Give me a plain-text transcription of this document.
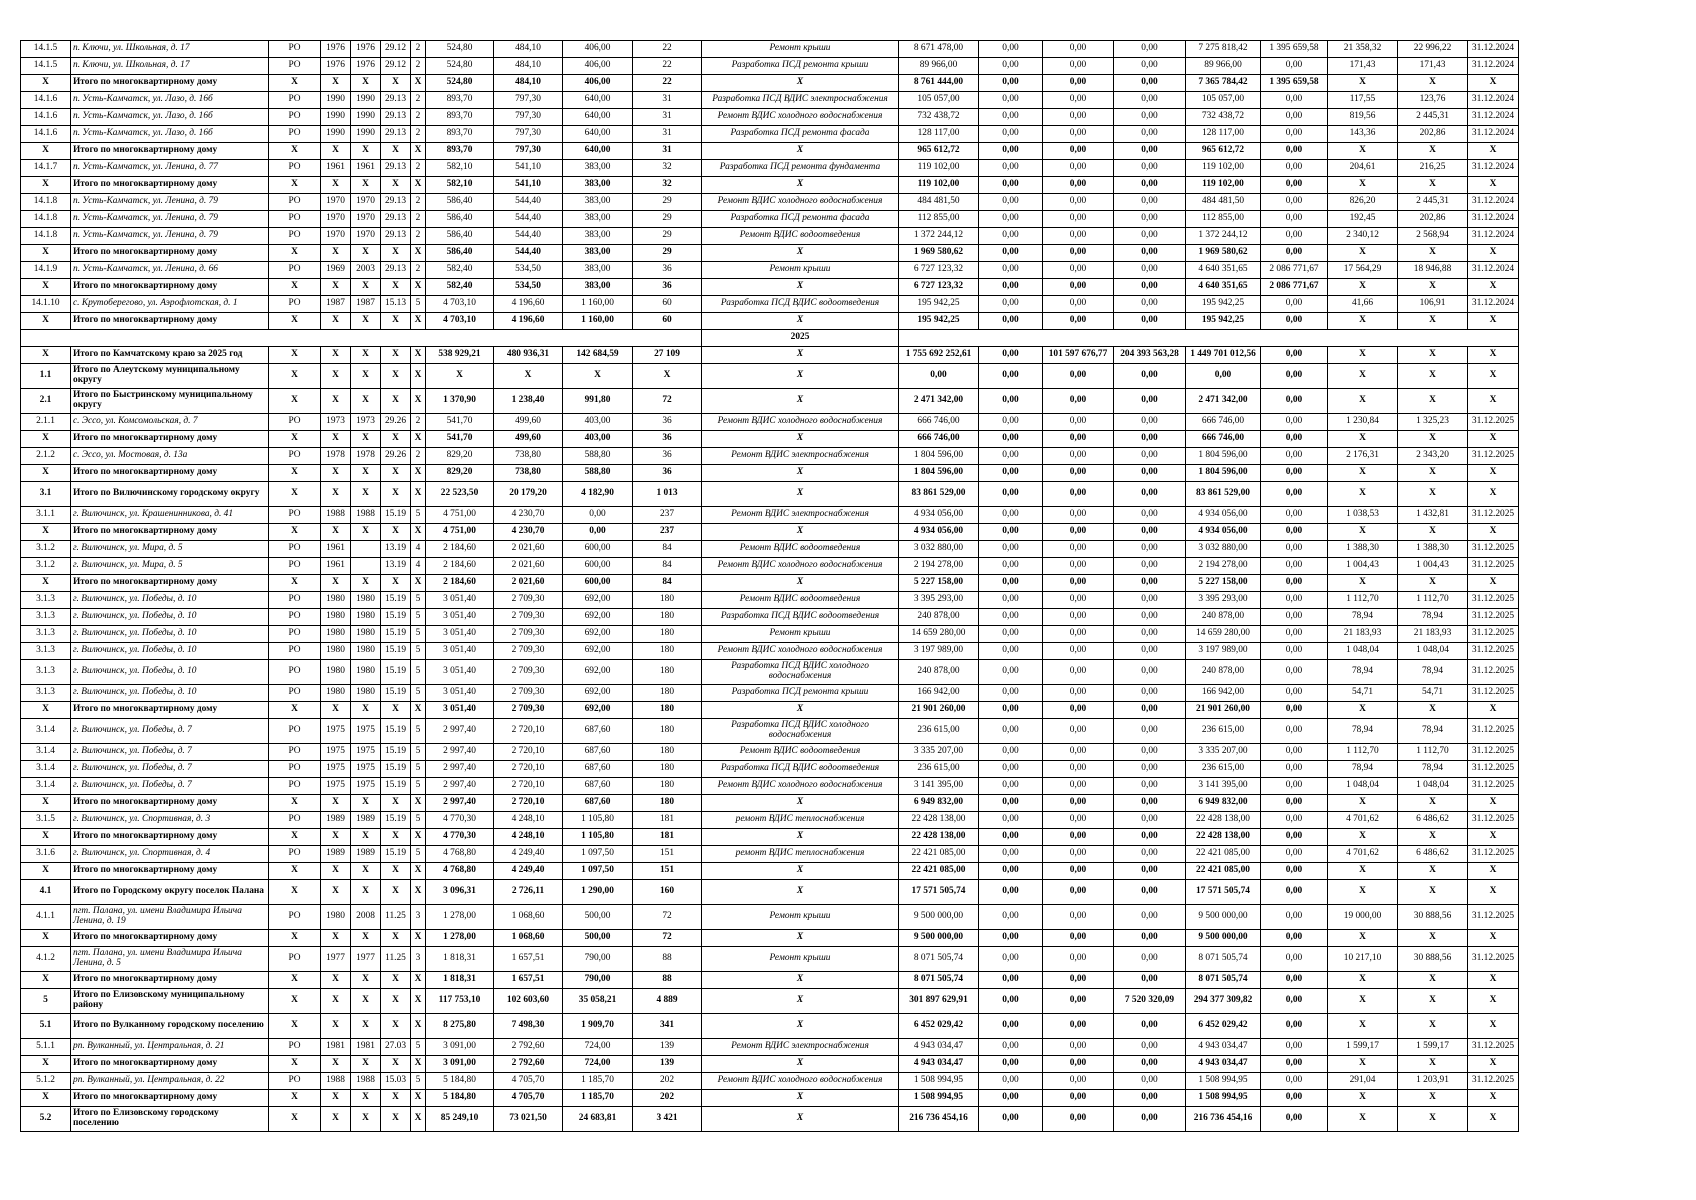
14.1.5	п. Ключи, ул. Школьная, д. 17	РО	1976	1976	29.12	2	524,80	484,10	406,00	22	Ремонт крыши	8 671 478,00	0,00	0,00	0,00	7 275 818,42	1 395 659,58	21 358,32	22 996,22	31.12.2024
14.1.5	п. Ключи, ул. Школьная, д. 17	РО	1976	1976	29.12	2	524,80	484,10	406,00	22	Разработка ПСД ремонта крыши	89 966,00	0,00	0,00	0,00	89 966,00	0,00	171,43	171,43	31.12.2024
Х	Итого по многоквартирному дому	Х	Х	Х	Х	Х	524,80	484,10	406,00	22	Х	8 761 444,00	0,00	0,00	0,00	7 365 784,42	1 395 659,58	Х	Х	Х
14.1.6	п. Усть-Камчатск, ул. Лазо, д. 16б	РО	1990	1990	29.13	2	893,70	797,30	640,00	31	Разработка ПСД ВДИС электроснабжения	105 057,00	0,00	0,00	0,00	105 057,00	0,00	117,55	123,76	31.12.2024
14.1.6	п. Усть-Камчатск, ул. Лазо, д. 16б	РО	1990	1990	29.13	2	893,70	797,30	640,00	31	Ремонт ВДИС холодного водоснабжения	732 438,72	0,00	0,00	0,00	732 438,72	0,00	819,56	2 445,31	31.12.2024
14.1.6	п. Усть-Камчатск, ул. Лазо, д. 16б	РО	1990	1990	29.13	2	893,70	797,30	640,00	31	Разработка ПСД ремонта фасада	128 117,00	0,00	0,00	0,00	128 117,00	0,00	143,36	202,86	31.12.2024
Х	Итого по многоквартирному дому	Х	Х	Х	Х	Х	893,70	797,30	640,00	31	Х	965 612,72	0,00	0,00	0,00	965 612,72	0,00	Х	Х	Х
14.1.7	п. Усть-Камчатск, ул. Ленина, д. 77	РО	1961	1961	29.13	2	582,10	541,10	383,00	32	Разработка ПСД ремонта фундамента	119 102,00	0,00	0,00	0,00	119 102,00	0,00	204,61	216,25	31.12.2024
Х	Итого по многоквартирному дому	Х	Х	Х	Х	Х	582,10	541,10	383,00	32	Х	119 102,00	0,00	0,00	0,00	119 102,00	0,00	Х	Х	Х
14.1.8	п. Усть-Камчатск, ул. Ленина, д. 79	РО	1970	1970	29.13	2	586,40	544,40	383,00	29	Ремонт ВДИС холодного водоснабжения	484 481,50	0,00	0,00	0,00	484 481,50	0,00	826,20	2 445,31	31.12.2024
14.1.8	п. Усть-Камчатск, ул. Ленина, д. 79	РО	1970	1970	29.13	2	586,40	544,40	383,00	29	Разработка ПСД ремонта фасада	112 855,00	0,00	0,00	0,00	112 855,00	0,00	192,45	202,86	31.12.2024
14.1.8	п. Усть-Камчатск, ул. Ленина, д. 79	РО	1970	1970	29.13	2	586,40	544,40	383,00	29	Ремонт ВДИС водоотведения	1 372 244,12	0,00	0,00	0,00	1 372 244,12	0,00	2 340,12	2 568,94	31.12.2024
Х	Итого по многоквартирному дому	Х	Х	Х	Х	Х	586,40	544,40	383,00	29	Х	1 969 580,62	0,00	0,00	0,00	1 969 580,62	0,00	Х	Х	Х
14.1.9	п. Усть-Камчатск, ул. Ленина, д. 66	РО	1969	2003	29.13	2	582,40	534,50	383,00	36	Ремонт крыши	6 727 123,32	0,00	0,00	0,00	4 640 351,65	2 086 771,67	17 564,29	18 946,88	31.12.2024
Х	Итого по многоквартирному дому	Х	Х	Х	Х	Х	582,40	534,50	383,00	36	Х	6 727 123,32	0,00	0,00	0,00	4 640 351,65	2 086 771,67	Х	Х	Х
14.1.10	с. Крутоберегово, ул. Аэрофлотская, д. 1	РО	1987	1987	15.13	5	4 703,10	4 196,60	1 160,00	60	Разработка ПСД ВДИС водоотведения	195 942,25	0,00	0,00	0,00	195 942,25	0,00	41,66	106,91	31.12.2024
Х	Итого по многоквартирному дому	Х	Х	Х	Х	Х	4 703,10	4 196,60	1 160,00	60	Х	195 942,25	0,00	0,00	0,00	195 942,25	0,00	Х	Х	Х
											2025									
Х	Итого по Камчатскому краю за 2025 год	Х	Х	Х	Х	Х	538 929,21	480 936,31	142 684,59	27 109	Х	1 755 692 252,61	0,00	101 597 676,77	204 393 563,28	1 449 701 012,56	0,00	Х	Х	Х
1.1	Итого по Алеутскому муниципальному округу	Х	Х	Х	Х	Х	Х	Х	Х	Х	Х	0,00	0,00	0,00	0,00	0,00	0,00	Х	Х	Х
2.1	Итого по Быстринскому муниципальному округу	Х	Х	Х	Х	Х	1 370,90	1 238,40	991,80	72	Х	2 471 342,00	0,00	0,00	0,00	2 471 342,00	0,00	Х	Х	Х
2.1.1	с. Эссо, ул. Комсомольская, д. 7	РО	1973	1973	29.26	2	541,70	499,60	403,00	36	Ремонт ВДИС холодного водоснабжения	666 746,00	0,00	0,00	0,00	666 746,00	0,00	1 230,84	1 325,23	31.12.2025
Х	Итого по многоквартирному дому	Х	Х	Х	Х	Х	541,70	499,60	403,00	36	Х	666 746,00	0,00	0,00	0,00	666 746,00	0,00	Х	Х	Х
2.1.2	с. Эссо, ул. Мостовая, д. 13а	РО	1978	1978	29.26	2	829,20	738,80	588,80	36	Ремонт ВДИС электроснабжения	1 804 596,00	0,00	0,00	0,00	1 804 596,00	0,00	2 176,31	2 343,20	31.12.2025
Х	Итого по многоквартирному дому	Х	Х	Х	Х	Х	829,20	738,80	588,80	36	Х	1 804 596,00	0,00	0,00	0,00	1 804 596,00	0,00	Х	Х	Х
3.1	Итого по Вилючинскому городскому округу	Х	Х	Х	Х	Х	22 523,50	20 179,20	4 182,90	1 013	Х	83 861 529,00	0,00	0,00	0,00	83 861 529,00	0,00	Х	Х	Х
3.1.1	г. Вилючинск, ул. Крашенинникова, д. 41	РО	1988	1988	15.19	5	4 751,00	4 230,70	0,00	237	Ремонт ВДИС электроснабжения	4 934 056,00	0,00	0,00	0,00	4 934 056,00	0,00	1 038,53	1 432,81	31.12.2025
Х	Итого по многоквартирному дому	Х	Х	Х	Х	Х	4 751,00	4 230,70	0,00	237	Х	4 934 056,00	0,00	0,00	0,00	4 934 056,00	0,00	Х	Х	Х
3.1.2	г. Вилючинск, ул. Мира, д. 5	РО	1961		13.19	4	2 184,60	2 021,60	600,00	84	Ремонт ВДИС водоотведения	3 032 880,00	0,00	0,00	0,00	3 032 880,00	0,00	1 388,30	1 388,30	31.12.2025
3.1.2	г. Вилючинск, ул. Мира, д. 5	РО	1961		13.19	4	2 184,60	2 021,60	600,00	84	Ремонт ВДИС холодного водоснабжения	2 194 278,00	0,00	0,00	0,00	2 194 278,00	0,00	1 004,43	1 004,43	31.12.2025
Х	Итого по многоквартирному дому	Х	Х	Х	Х	Х	2 184,60	2 021,60	600,00	84	Х	5 227 158,00	0,00	0,00	0,00	5 227 158,00	0,00	Х	Х	Х
3.1.3	г. Вилючинск, ул. Победы, д. 10	РО	1980	1980	15.19	5	3 051,40	2 709,30	692,00	180	Ремонт ВДИС водоотведения	3 395 293,00	0,00	0,00	0,00	3 395 293,00	0,00	1 112,70	1 112,70	31.12.2025
3.1.3	г. Вилючинск, ул. Победы, д. 10	РО	1980	1980	15.19	5	3 051,40	2 709,30	692,00	180	Разработка ПСД ВДИС водоотведения	240 878,00	0,00	0,00	0,00	240 878,00	0,00	78,94	78,94	31.12.2025
3.1.3	г. Вилючинск, ул. Победы, д. 10	РО	1980	1980	15.19	5	3 051,40	2 709,30	692,00	180	Ремонт крыши	14 659 280,00	0,00	0,00	0,00	14 659 280,00	0,00	21 183,93	21 183,93	31.12.2025
3.1.3	г. Вилючинск, ул. Победы, д. 10	РО	1980	1980	15.19	5	3 051,40	2 709,30	692,00	180	Ремонт ВДИС холодного водоснабжения	3 197 989,00	0,00	0,00	0,00	3 197 989,00	0,00	1 048,04	1 048,04	31.12.2025
3.1.3	г. Вилючинск, ул. Победы, д. 10	РО	1980	1980	15.19	5	3 051,40	2 709,30	692,00	180	Разработка ПСД ВДИС холодного водоснабжения	240 878,00	0,00	0,00	0,00	240 878,00	0,00	78,94	78,94	31.12.2025
3.1.3	г. Вилючинск, ул. Победы, д. 10	РО	1980	1980	15.19	5	3 051,40	2 709,30	692,00	180	Разработка ПСД ремонта крыши	166 942,00	0,00	0,00	0,00	166 942,00	0,00	54,71	54,71	31.12.2025
Х	Итого по многоквартирному дому	Х	Х	Х	Х	Х	3 051,40	2 709,30	692,00	180	Х	21 901 260,00	0,00	0,00	0,00	21 901 260,00	0,00	Х	Х	Х
3.1.4	г. Вилючинск, ул. Победы, д. 7	РО	1975	1975	15.19	5	2 997,40	2 720,10	687,60	180	Разработка ПСД ВДИС холодного водоснабжения	236 615,00	0,00	0,00	0,00	236 615,00	0,00	78,94	78,94	31.12.2025
3.1.4	г. Вилючинск, ул. Победы, д. 7	РО	1975	1975	15.19	5	2 997,40	2 720,10	687,60	180	Ремонт ВДИС водоотведения	3 335 207,00	0,00	0,00	0,00	3 335 207,00	0,00	1 112,70	1 112,70	31.12.2025
3.1.4	г. Вилючинск, ул. Победы, д. 7	РО	1975	1975	15.19	5	2 997,40	2 720,10	687,60	180	Разработка ПСД ВДИС водоотведения	236 615,00	0,00	0,00	0,00	236 615,00	0,00	78,94	78,94	31.12.2025
3.1.4	г. Вилючинск, ул. Победы, д. 7	РО	1975	1975	15.19	5	2 997,40	2 720,10	687,60	180	Ремонт ВДИС холодного водоснабжения	3 141 395,00	0,00	0,00	0,00	3 141 395,00	0,00	1 048,04	1 048,04	31.12.2025
Х	Итого по многоквартирному дому	Х	Х	Х	Х	Х	2 997,40	2 720,10	687,60	180	Х	6 949 832,00	0,00	0,00	0,00	6 949 832,00	0,00	Х	Х	Х
3.1.5	г. Вилючинск, ул. Спортивная, д. 3	РО	1989	1989	15.19	5	4 770,30	4 248,10	1 105,80	181	ремонт ВДИС теплоснабжения	22 428 138,00	0,00	0,00	0,00	22 428 138,00	0,00	4 701,62	6 486,62	31.12.2025
Х	Итого по многоквартирному дому	Х	Х	Х	Х	Х	4 770,30	4 248,10	1 105,80	181	Х	22 428 138,00	0,00	0,00	0,00	22 428 138,00	0,00	Х	Х	Х
3.1.6	г. Вилючинск, ул. Спортивная, д. 4	РО	1989	1989	15.19	5	4 768,80	4 249,40	1 097,50	151	ремонт ВДИС теплоснабжения	22 421 085,00	0,00	0,00	0,00	22 421 085,00	0,00	4 701,62	6 486,62	31.12.2025
Х	Итого по многоквартирному дому	Х	Х	Х	Х	Х	4 768,80	4 249,40	1 097,50	151	Х	22 421 085,00	0,00	0,00	0,00	22 421 085,00	0,00	Х	Х	Х
4.1	Итого по Городскому округу поселок Палана	Х	Х	Х	Х	Х	3 096,31	2 726,11	1 290,00	160	Х	17 571 505,74	0,00	0,00	0,00	17 571 505,74	0,00	Х	Х	Х
4.1.1	пгт. Палана, ул. имени Владимира Ильича Ленина, д. 19	РО	1980	2008	11.25	3	1 278,00	1 068,60	500,00	72	Ремонт крыши	9 500 000,00	0,00	0,00	0,00	9 500 000,00	0,00	19 000,00	30 888,56	31.12.2025
Х	Итого по многоквартирному дому	Х	Х	Х	Х	Х	1 278,00	1 068,60	500,00	72	Х	9 500 000,00	0,00	0,00	0,00	9 500 000,00	0,00	Х	Х	Х
4.1.2	пгт. Палана, ул. имени Владимира Ильича Ленина, д. 5	РО	1977	1977	11.25	3	1 818,31	1 657,51	790,00	88	Ремонт крыши	8 071 505,74	0,00	0,00	0,00	8 071 505,74	0,00	10 217,10	30 888,56	31.12.2025
Х	Итого по многоквартирному дому	Х	Х	Х	Х	Х	1 818,31	1 657,51	790,00	88	Х	8 071 505,74	0,00	0,00	0,00	8 071 505,74	0,00	Х	Х	Х
5	Итого по Елизовскому муниципальному району	Х	Х	Х	Х	Х	117 753,10	102 603,60	35 058,21	4 889	Х	301 897 629,91	0,00	0,00	7 520 320,09	294 377 309,82	0,00	Х	Х	Х
5.1	Итого по Вулканному городскому поселению	Х	Х	Х	Х	Х	8 275,80	7 498,30	1 909,70	341	Х	6 452 029,42	0,00	0,00	0,00	6 452 029,42	0,00	Х	Х	Х
5.1.1	рп. Вулканный, ул. Центральная, д. 21	РО	1981	1981	27.03	5	3 091,00	2 792,60	724,00	139	Ремонт ВДИС электроснабжения	4 943 034,47	0,00	0,00	0,00	4 943 034,47	0,00	1 599,17	1 599,17	31.12.2025
Х	Итого по многоквартирному дому	Х	Х	Х	Х	Х	3 091,00	2 792,60	724,00	139	Х	4 943 034,47	0,00	0,00	0,00	4 943 034,47	0,00	Х	Х	Х
5.1.2	рп. Вулканный, ул. Центральная, д. 22	РО	1988	1988	15.03	5	5 184,80	4 705,70	1 185,70	202	Ремонт ВДИС холодного водоснабжения	1 508 994,95	0,00	0,00	0,00	1 508 994,95	0,00	291,04	1 203,91	31.12.2025
Х	Итого по многоквартирному дому	Х	Х	Х	Х	Х	5 184,80	4 705,70	1 185,70	202	Х	1 508 994,95	0,00	0,00	0,00	1 508 994,95	0,00	Х	Х	Х
5.2	Итого по Елизовскому городскому поселению	Х	Х	Х	Х	Х	85 249,10	73 021,50	24 683,81	3 421	Х	216 736 454,16	0,00	0,00	0,00	216 736 454,16	0,00	Х	Х	Х
